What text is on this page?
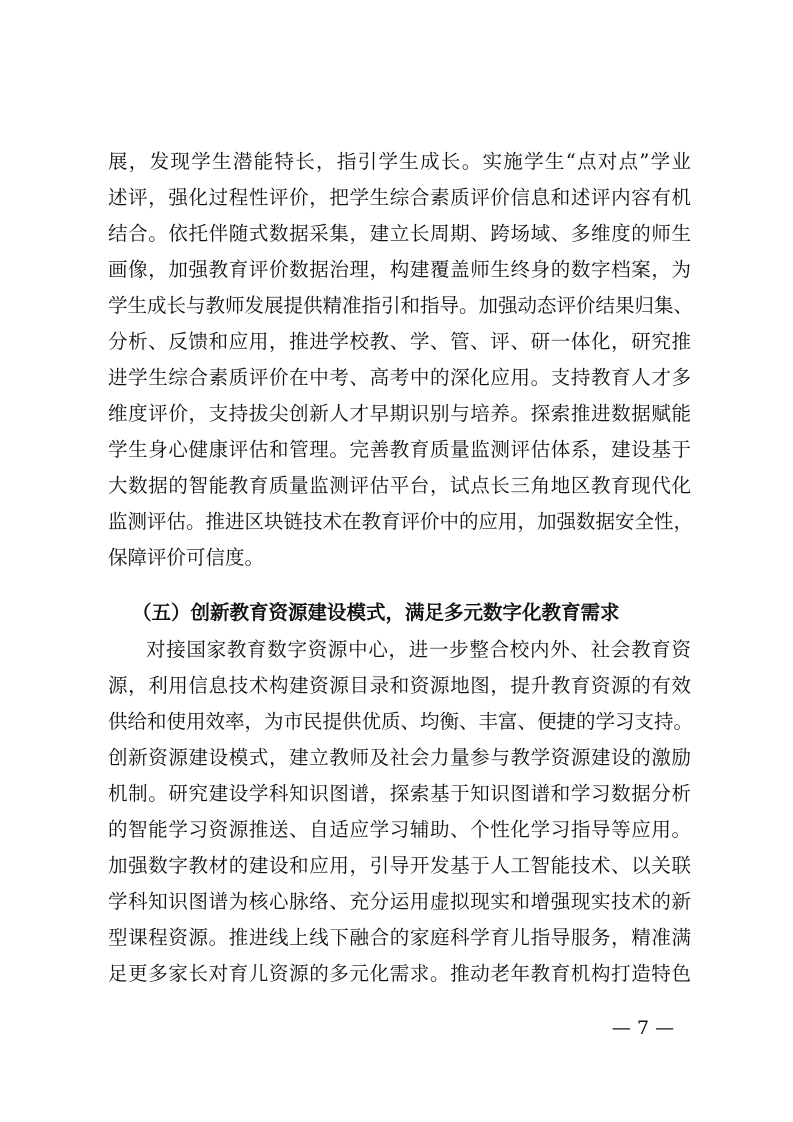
展，发现学生潜能特长，指引学生成长。实施学生“点对点”学业
述评，强化过程性评价，把学生综合素质评价信息和述评内容有机
结合。依托伴随式数据采集，建立长周期、跨场域、多维度的师生
画像，加强教育评价数据治理，构建覆盖师生终身的数字档案，为
学生成长与教师发展提供精准指引和指导。加强动态评价结果归集、
分析、反馈和应用，推进学校教、学、管、评、研一体化，研究推
进学生综合素质评价在中考、高考中的深化应用。支持教育人才多
维度评价，支持拔尖创新人才早期识别与培养。探索推进数据赋能
学生身心健康评估和管理。完善教育质量监测评估体系，建设基于
大数据的智能教育质量监测评估平台，试点长三角地区教育现代化
监测评估。推进区块链技术在教育评价中的应用，加强数据安全性，
保障评价可信度。
（五）创新教育资源建设模式，满足多元数字化教育需求
对接国家教育数字资源中心，进一步整合校内外、社会教育资
源，利用信息技术构建资源目录和资源地图，提升教育资源的有效
供给和使用效率，为市民提供优质、均衡、丰富、便捷的学习支持。
创新资源建设模式，建立教师及社会力量参与教学资源建设的激励
机制。研究建设学科知识图谱，探索基于知识图谱和学习数据分析
的智能学习资源推送、自适应学习辅助、个性化学习指导等应用。
加强数字教材的建设和应用，引导开发基于人工智能技术、以关联
学科知识图谱为核心脉络、充分运用虚拟现实和增强现实技术的新
型课程资源。推进线上线下融合的家庭科学育儿指导服务，精准满
足更多家长对育儿资源的多元化需求。推动老年教育机构打造特色
— 7 —
